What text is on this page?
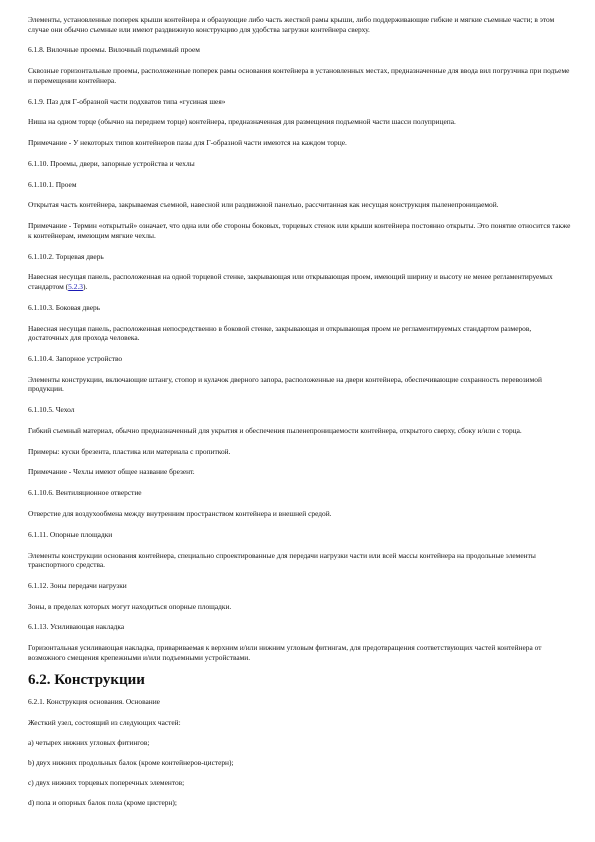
Элементы, установленные поперек крыши контейнера и образующие либо часть жесткой рамы крыши, либо поддерживающие гибкие и мягкие съемные части; в этом случае они обычно съемные или имеют раздвижную конструкцию для удобства загрузки контейнера сверху.

6.1.8. Вилочные проемы. Вилочный подъемный проем

Сквозные горизонтальные проемы, расположенные поперек рамы основания контейнера в установленных местах, предназначенные для ввода вил погрузчика при подъеме и перемещении контейнера.

6.1.9. Паз для Г-образной части подхватов типа «гусиная шея»

Ниша на одном торце (обычно на переднем торце) контейнера, предназначенная для размещения подъемной части шасси полуприцепа.

Примечание - У некоторых типов контейнеров пазы для Г-образной части имеются на каждом торце.

6.1.10. Проемы, двери, запорные устройства и чехлы

6.1.10.1. Проем

Открытая часть контейнера, закрываемая съемной, навесной или раздвижной панелью, рассчитанная как несущая конструкция пыленепроницаемой.

Примечание - Термин «открытый» означает, что одна или обе стороны боковых, торцевых стенок или крыши контейнера постоянно открыты. Это понятие относится также к контейнерам, имеющим мягкие чехлы.

6.1.10.2. Торцевая дверь

Навесная несущая панель, расположенная на одной торцевой стенке, закрывающая или открывающая проем, имеющий ширину и высоту не менее регламентируемых стандартом (5.2.3).

6.1.10.3. Боковая дверь

Навесная несущая панель, расположенная непосредственно в боковой стенке, закрывающая и открывающая проем не регламентируемых стандартом размеров, достаточных для прохода человека.

6.1.10.4. Запорное устройство

Элементы конструкции, включающие штангу, стопор и кулачок дверного запора, расположенные на двери контейнера, обеспечивающие сохранность перевозимой продукции.

6.1.10.5. Чехол

Гибкий съемный материал, обычно предназначенный для укрытия и обеспечения пыленепроницаемости контейнера, открытого сверху, сбоку и/или с торца.

Примеры: куски брезента, пластика или материала с пропиткой.

Примечание - Чехлы имеют общее название брезент.

6.1.10.6. Вентиляционное отверстие

Отверстие для воздухообмена между внутренним пространством контейнера и внешней средой.

6.1.11. Опорные площадки

Элементы конструкции основания контейнера, специально спроектированные для передачи нагрузки части или всей массы контейнера на продольные элементы транспортного средства.

6.1.12. Зоны передачи нагрузки

Зоны, в пределах которых могут находиться опорные площадки.

6.1.13. Усиливающая накладка

Горизонтальная усиливающая накладка, привариваемая к верхним и/или нижним угловым фитингам, для предотвращения соответствующих частей контейнера от возможного смещения крепежными и/или подъемными устройствами.

6.2. Конструкции

6.2.1. Конструкция основания. Основание

Жесткий узел, состоящий из следующих частей:

a) четырех нижних угловых фитингов;

b) двух нижних продольных балок (кроме контейнеров-цистерн);

c) двух нижних торцевых поперечных элементов;

d) пола и опорных балок пола (кроме цистерн);
